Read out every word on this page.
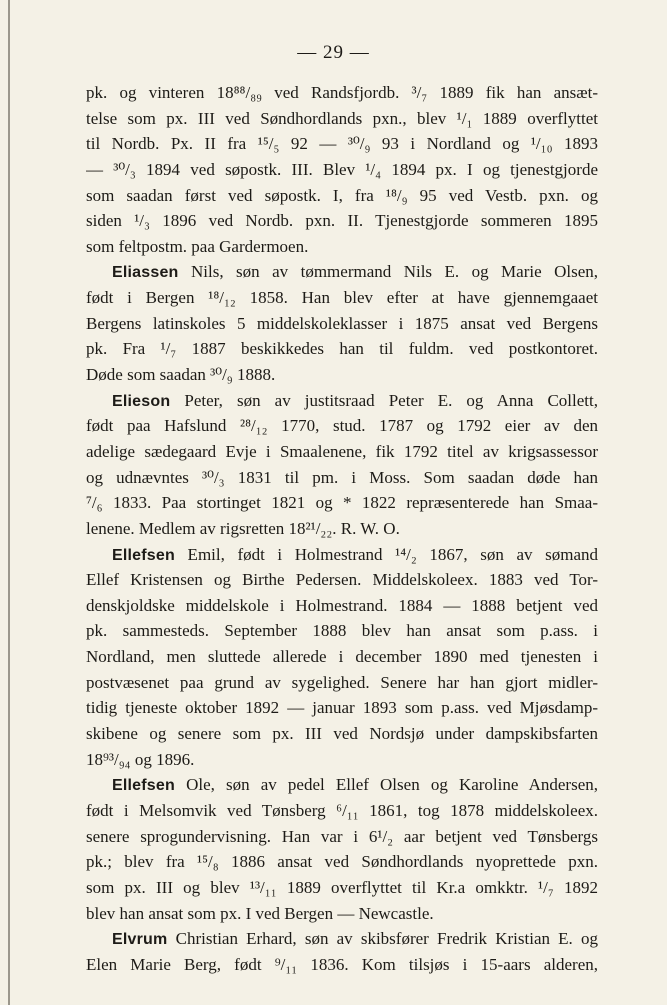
— 29 —
pk. og vinteren 18⁸⁸/₈₉ ved Randsfjordb. ³/₇ 1889 fik han ansæt-
telse som px. III ved Søndhordlands pxn., blev ¹/₁ 1889 overflyttet
til Nordb. Px. II fra ¹⁵/₅ 92 — ³⁰/₉ 93 i Nordland og ¹/₁₀ 1893
— ³⁰/₃ 1894 ved søpostk. III. Blev ¹/₄ 1894 px. I og tjenestgjorde
som saadan først ved søpostk. I, fra ¹⁸/₉ 95 ved Vestb. pxn. og
siden ¹/₃ 1896 ved Nordb. pxn. II. Tjenestgjorde sommeren 1895
som feltpostm. paa Gardermoen.
Eliassen Nils, søn av tømmermand Nils E. og Marie Olsen,
født i Bergen ¹⁸/₁₂ 1858. Han blev efter at have gjennemgaaet
Bergens latinskoles 5 middelskoleklasser i 1875 ansat ved Bergens
pk. Fra ¹/₇ 1887 beskikkedes han til fuldm. ved postkontoret.
Døde som saadan ³⁰/₉ 1888.
Elieson Peter, søn av justitsraad Peter E. og Anna Collett,
født paa Hafslund ²⁸/₁₂ 1770, stud. 1787 og 1792 eier av den
adelige sædegaard Evje i Smaalenene, fik 1792 titel av krigsassessor
og udnævntes ³⁰/₃ 1831 til pm. i Moss. Som saadan døde han
⁷/₆ 1833. Paa stortinget 1821 og * 1822 repræsenterede han Smaa-
lenene. Medlem av rigsretten 18²¹/₂₂. R. W. O.
Ellefsen Emil, født i Holmestrand ¹⁴/₂ 1867, søn av sømand
Ellef Kristensen og Birthe Pedersen. Middelskoleex. 1883 ved Tor-
denskjoldske middelskole i Holmestrand. 1884 — 1888 betjent ved
pk. sammesteds. September 1888 blev han ansat som p.ass. i
Nordland, men sluttede allerede i december 1890 med tjenesten i
postvæsenet paa grund av sygelighed. Senere har han gjort midler-
tidig tjeneste oktober 1892 — januar 1893 som p.ass. ved Mjøsdamp-
skibene og senere som px. III ved Nordsjø under dampskibsfarten
18⁹³/₉₄ og 1896.
Ellefsen Ole, søn av pedel Ellef Olsen og Karoline Andersen,
født i Melsomvik ved Tønsberg ⁶/₁₁ 1861, tog 1878 middelskoleex.
senere sprogundervisning. Han var i 6¹/₂ aar betjent ved Tønsbergs
pk.; blev fra ¹⁵/₈ 1886 ansat ved Søndhordlands nyoprettede pxn.
som px. III og blev ¹³/₁₁ 1889 overflyttet til Kr.a omkktr. ¹/₇ 1892
blev han ansat som px. I ved Bergen — Newcastle.
Elvrum Christian Erhard, søn av skibsfører Fredrik Kristian E. og
Elen Marie Berg, født ⁹/₁₁ 1836. Kom tilsjøs i 15-aars alderen,
